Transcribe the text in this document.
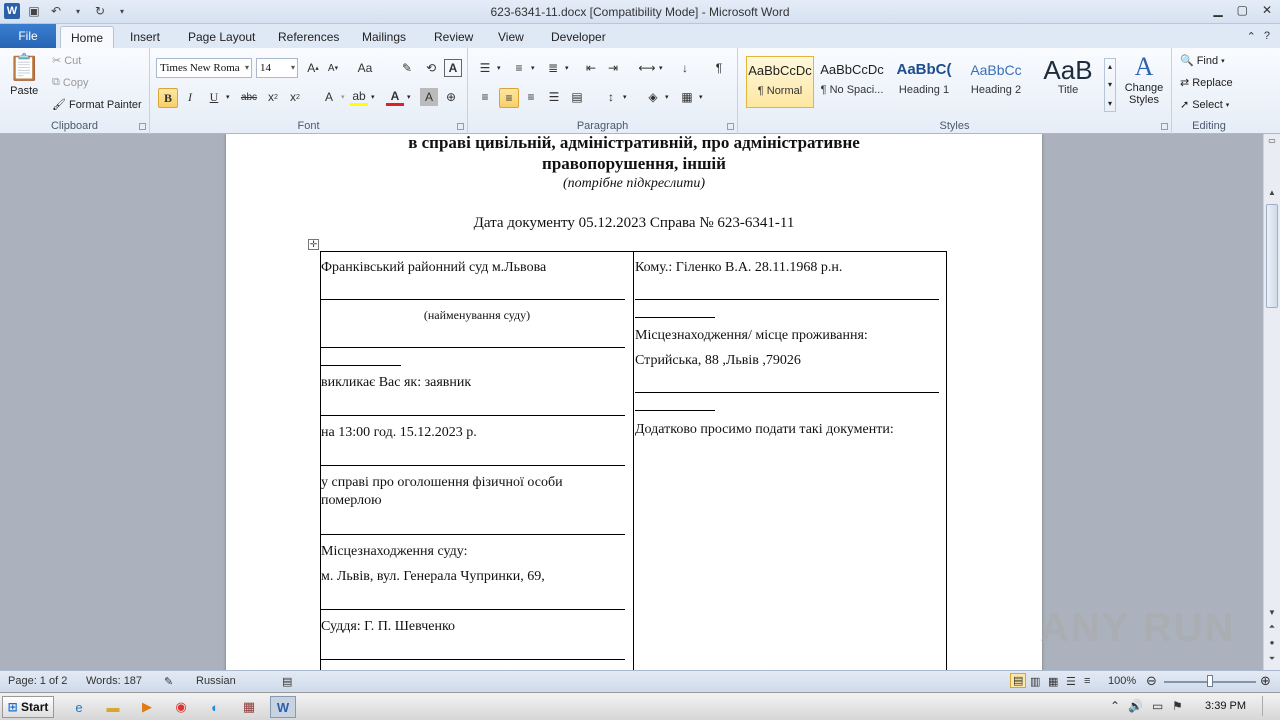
W ▣ ↶	▾	↻	▾	623-6341-11.docx [Compatibility Mode] - Microsoft Word	▁ ▢ ✕
File	Home	Insert	Page Layout	References	Mailings	Review	View	Developer	⌃ ?
📋
Paste
✂ Cut
⧉ Copy
🖌 Format Painter
Clipboard
Times New Roma ▾	14 ▾ A ▴ A ▾ Aa	✎	⟲	A
B	I	U	▾ abc x 2	x 2	A	▾ ab ▾	A	▾	A	⊕
Font
☰ ▾	≡	▾	≣ ▾	⇤ ⇥	⟷ ▾	↓	¶
≡	≡	≡	☰ ▤	↕	▾	◈	▾ ▦ ▾
Paragraph
AaBbCcDc
¶ Normal
AaBbCcDc
¶ No Spaci...
AaBbC(
Heading 1
AaBbCc
Heading 2
AaB
Title
▴
▾
▾
A
Change Styles
Styles
🔍 Find ▾
⇄ Replace
➚ Select ▾
Editing
в справі цивільній, адміністративній, про адміністративне
правопорушення, іншій
(потрібне підкреслити)
Дата документу 05.12.2023 Справа № 623-6341-11
✛
Франківський районний суд м.Львова
(найменування суду)
викликає Вас як: заявник
на 13:00 год. 15.12.2023 р.
у справі про оголошення фізичної особи
померлою
Місцезнаходження суду:
м. Львів, вул. Генерала Чупринки, 69,
Суддя: Г. П. Шевченко
Кому.: Гіленко В.А. 28.11.1968 р.н.
Місцезнаходження/ місце проживання:
Стрийська, 88 ,Львів ,79026
Додатково просимо подати такі документи:
▭
▲
▼
⏶
●
⏷
ANY RUN
Page: 1 of 2 Words: 187 ✎ Russian	▤	▤ ▥ ▦ ☰ ≡ 100% ⊖	⊕
⊞ Start	e	▬	▶	◉	◐	▦	W	⌃ 🔊 ▭ ⚑ 3:39 PM
